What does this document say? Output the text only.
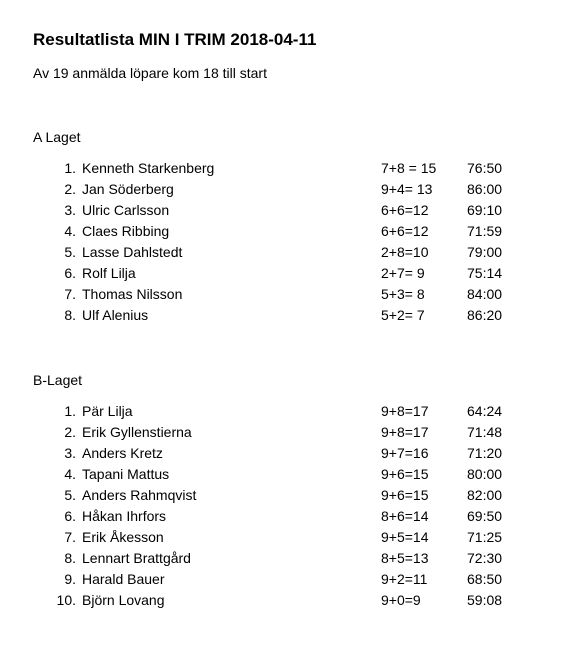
Resultatlista MIN I TRIM 2018-04-11
Av 19 anmälda löpare kom 18 till start
A Laget
1. Kenneth Starkenberg	7+8 = 15 76:50
2. Jan Söderberg	9+4= 13 86:00
3. Ulric Carlsson	6+6=12	69:10
4. Claes Ribbing	6+6=12	71:59
5. Lasse Dahlstedt	2+8=10	79:00
6. Rolf Lilja	2+7= 9	75:14
7. Thomas Nilsson	5+3= 8	84:00
8. Ulf Alenius	5+2= 7	86:20
B-Laget
1. Pär Lilja	9+8=17	64:24
2. Erik Gyllenstierna	9+8=17	71:48
3. Anders Kretz	9+7=16	71:20
4. Tapani Mattus	9+6=15	80:00
5. Anders Rahmqvist	9+6=15	82:00
6. Håkan Ihrfors	8+6=14	69:50
7. Erik Åkesson	9+5=14	71:25
8. Lennart Brattgård	8+5=13	72:30
9. Harald Bauer	9+2=11	68:50
10. Björn Lovang	9+0=9	59:08
